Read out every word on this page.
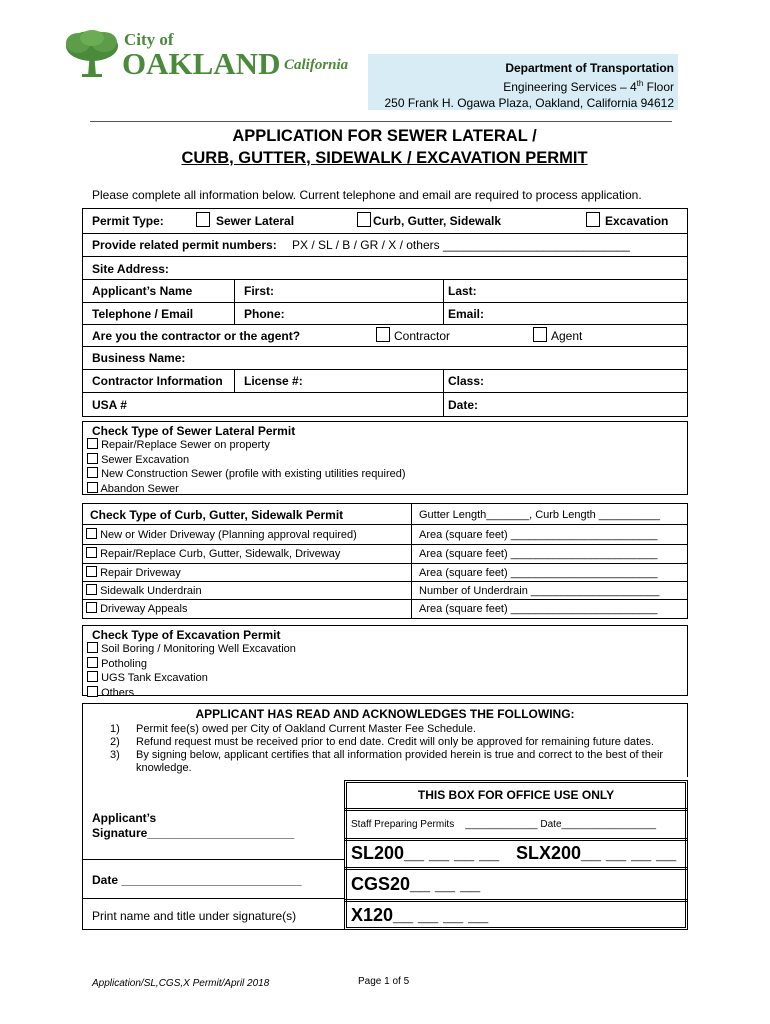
City of
OAKLAND California	Department of Transportation
Engineering Services – 4th Floor
250 Frank H. Ogawa Plaza, Oakland, California 94612
APPLICATION FOR SEWER LATERAL /
CURB, GUTTER, SIDEWALK / EXCAVATION PERMIT
Please complete all information below. Current telephone and email are required to process application.
Permit Type:	Sewer Lateral	Curb, Gutter, Sidewalk	Excavation
Provide related permit numbers: PX / SL / B / GR / X / others ____________________________
Site Address:
Applicant’s Name	First:	Last:
Telephone / Email	Phone:	Email:
Are you the contractor or the agent?	Contractor	Agent
Business Name:
Contractor Information License #:	Class:
USA #	Date:
Check Type of Sewer Lateral Permit
Repair/Replace Sewer on property
Sewer Excavation
New Construction Sewer (profile with existing utilities required)
Abandon Sewer
Check Type of Curb, Gutter, Sidewalk Permit	Gutter Length_______, Curb Length __________
New or Wider Driveway (Planning approval required)	Area (square feet) ________________________
Repair/Replace Curb, Gutter, Sidewalk, Driveway	Area (square feet) ________________________
Repair Driveway	Area (square feet) ________________________
Sidewalk Underdrain	Number of Underdrain _____________________
Driveway Appeals	Area (square feet) ________________________
Check Type of Excavation Permit
Soil Boring / Monitoring Well Excavation
Potholing
UGS Tank Excavation
Others
APPLICANT HAS READ AND ACKNOWLEDGES THE FOLLOWING:
1) Permit fee(s) owed per City of Oakland Current Master Fee Schedule.
2) Refund request must be received prior to end date. Credit will only be approved for remaining future dates.
3) By signing below, applicant certifies that all information provided herein is true and correct to the best of their
knowledge.
Applicant’s
Signature______________________
Date ___________________________
Print name and title under signature(s)
THIS BOX FOR OFFICE USE ONLY
Staff Preparing Permits    _____________ Date_________________
SL200__ __ __ __ SLX200__ __ __ __
CGS20__ __ __
X120__ __ __ __
Application/SL,CGS,X Permit/April 2018	Page 1 of 5
